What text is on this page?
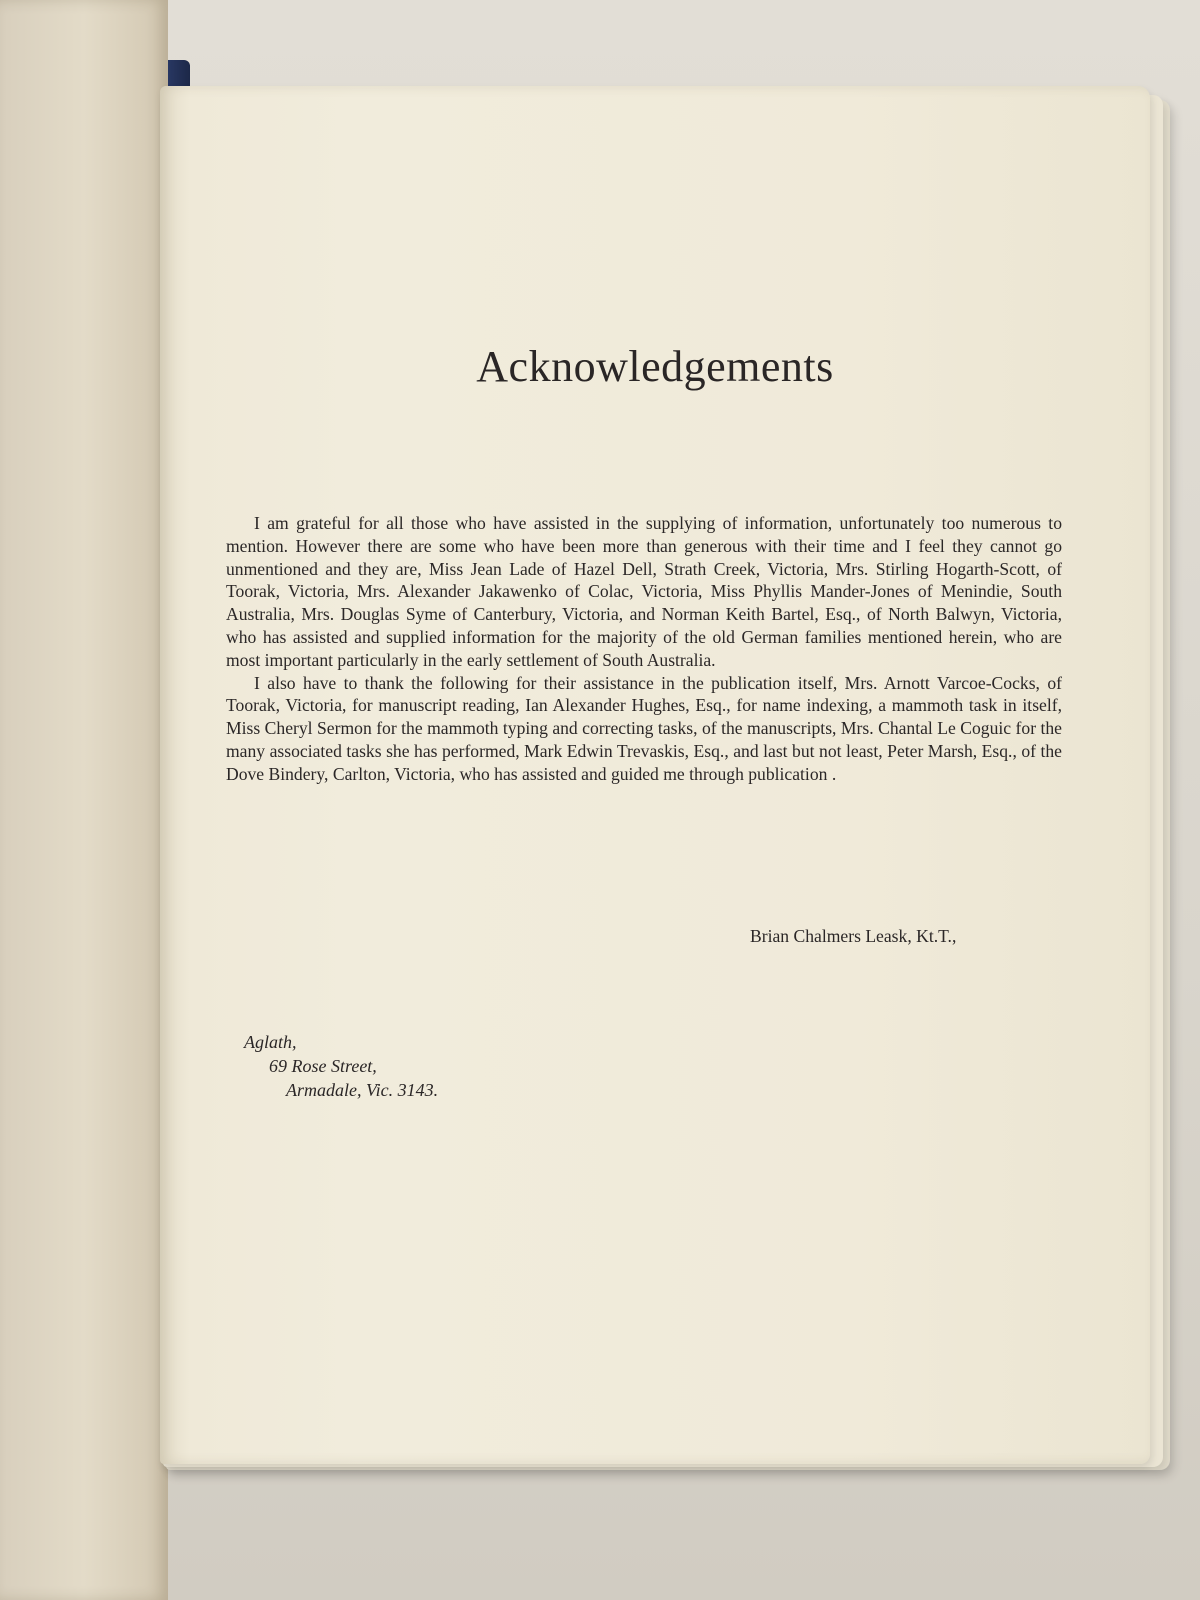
Acknowledgements

I am grateful for all those who have assisted in the supplying of information, unfortunately too numerous to mention. However there are some who have been more than generous with their time and I feel they cannot go unmentioned and they are, Miss Jean Lade of Hazel Dell, Strath Creek, Victoria, Mrs. Stirling Hogarth-Scott, of Toorak, Victoria, Mrs. Alexander Jakawenko of Colac, Victoria, Miss Phyllis Mander-Jones of Menindie, South Australia, Mrs. Douglas Syme of Canterbury, Victoria, and Norman Keith Bartel, Esq., of North Balwyn, Victoria, who has assisted and supplied information for the majority of the old German families mentioned herein, who are most important particularly in the early settlement of South Australia.

I also have to thank the following for their assistance in the publication itself, Mrs. Arnott Varcoe-Cocks, of Toorak, Victoria, for manuscript reading, Ian Alexander Hughes, Esq., for name indexing, a mammoth task in itself, Miss Cheryl Sermon for the mammoth typing and correcting tasks, of the manuscripts, Mrs. Chantal Le Coguic for the many associated tasks she has performed, Mark Edwin Trevaskis, Esq., and last but not least, Peter Marsh, Esq., of the Dove Bindery, Carlton, Victoria, who has assisted and guided me through publication .

Brian Chalmers Leask, Kt.T.,
Aglath,
69 Rose Street,
Armadale, Vic. 3143.
